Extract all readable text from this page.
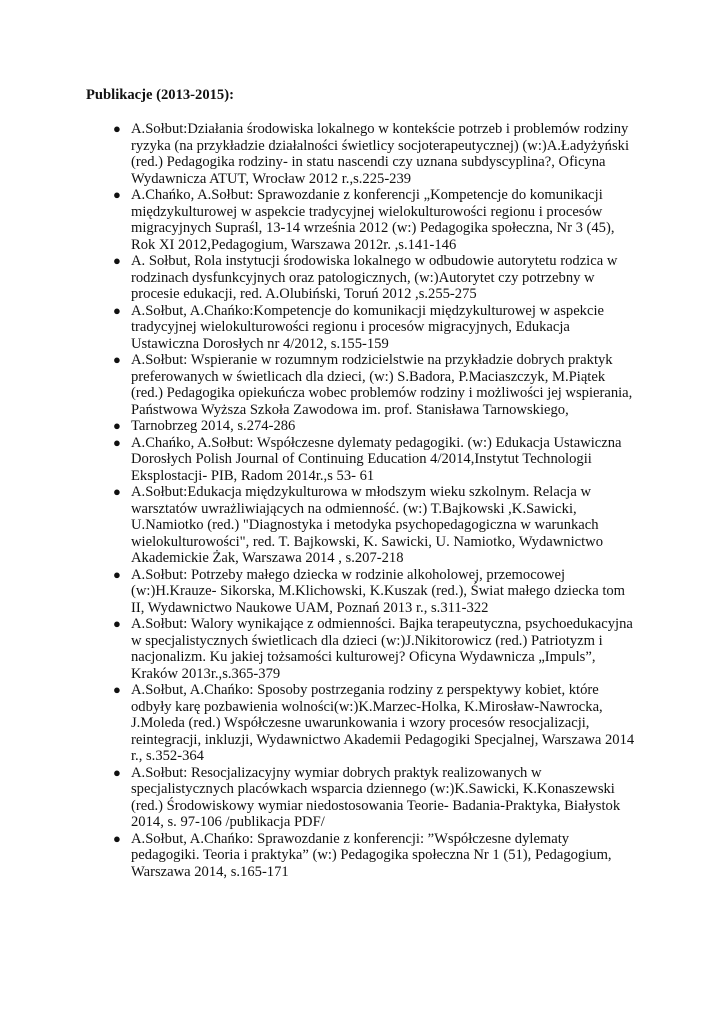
Publikacje (2013-2015):
● A.Sołbut:Działania środowiska lokalnego w kontekście potrzeb i problemów rodziny ryzyka (na przykładzie działalności świetlicy socjoterapeutycznej) (w:)A.Ładyżyński (red.) Pedagogika rodziny- in statu nascendi czy uznana subdyscyplina?, Oficyna Wydawnicza ATUT, Wrocław 2012 r.,s.225-239
● A.Chańko, A.Sołbut: Sprawozdanie z konferencji „Kompetencje do komunikacji międzykulturowej w aspekcie tradycyjnej wielokulturowości regionu i procesów migracyjnych Supraśl, 13-14 września 2012 (w:) Pedagogika społeczna, Nr 3 (45), Rok XI 2012,Pedagogium, Warszawa 2012r. ,s.141-146
● A. Sołbut, Rola instytucji środowiska lokalnego w odbudowie autorytetu rodzica w rodzinach dysfunkcyjnych oraz patologicznych, (w:)Autorytet czy potrzebny w procesie edukacji, red. A.Olubiński, Toruń 2012 ,s.255-275
● A.Sołbut, A.Chańko:Kompetencje do komunikacji międzykulturowej w aspekcie tradycyjnej wielokulturowości regionu i procesów migracyjnych, Edukacja Ustawiczna Dorosłych nr 4/2012, s.155-159
● A.Sołbut: Wspieranie w rozumnym rodzicielstwie na przykładzie dobrych praktyk preferowanych w świetlicach dla dzieci, (w:) S.Badora, P.Maciaszczyk, M.Piątek (red.) Pedagogika opiekuńcza wobec problemów rodziny i możliwości jej wspierania, Państwowa Wyższa Szkoła Zawodowa im. prof. Stanisława Tarnowskiego,
● Tarnobrzeg 2014, s.274-286
● A.Chańko, A.Sołbut: Współczesne dylematy pedagogiki. (w:) Edukacja Ustawiczna Dorosłych Polish Journal of Continuing Education 4/2014,Instytut Technologii Eksplostacji- PIB, Radom 2014r.,s 53- 61
● A.Sołbut:Edukacja międzykulturowa w młodszym wieku szkolnym. Relacja w warsztatów uwrażliwiających na odmienność. (w:) T.Bajkowski ,K.Sawicki, U.Namiotko (red.) "Diagnostyka i metodyka psychopedagogiczna w warunkach wielokulturowości", red. T. Bajkowski, K. Sawicki, U. Namiotko, Wydawnictwo Akademickie Żak, Warszawa 2014 , s.207-218
● A.Sołbut: Potrzeby małego dziecka w rodzinie alkoholowej, przemocowej (w:)H.Krauze- Sikorska, M.Klichowski, K.Kuszak (red.), Świat małego dziecka tom II, Wydawnictwo Naukowe UAM, Poznań 2013 r., s.311-322
● A.Sołbut: Walory wynikające z odmienności. Bajka terapeutyczna, psychoedukacyjna w specjalistycznych świetlicach dla dzieci (w:)J.Nikitorowicz (red.) Patriotyzm i nacjonalizm. Ku jakiej tożsamości kulturowej? Oficyna Wydawnicza „Impuls”, Kraków 2013r.,s.365-379
● A.Sołbut, A.Chańko: Sposoby postrzegania rodziny z perspektywy kobiet, które odbyły karę pozbawienia wolności(w:)K.Marzec-Holka, K.Mirosław-Nawrocka, J.Moleda (red.) Współczesne uwarunkowania i wzory procesów resocjalizacji, reintegracji, inkluzji, Wydawnictwo Akademii Pedagogiki Specjalnej, Warszawa 2014 r., s.352-364
● A.Sołbut: Resocjalizacyjny wymiar dobrych praktyk realizowanych w specjalistycznych placówkach wsparcia dziennego (w:)K.Sawicki, K.Konaszewski (red.) Środowiskowy wymiar niedostosowania Teorie- Badania-Praktyka, Białystok 2014, s. 97-106 /publikacja PDF/
● A.Sołbut, A.Chańko: Sprawozdanie z konferencji: ”Współczesne dylematy pedagogiki. Teoria i praktyka” (w:) Pedagogika społeczna Nr 1 (51), Pedagogium, Warszawa 2014, s.165-171
